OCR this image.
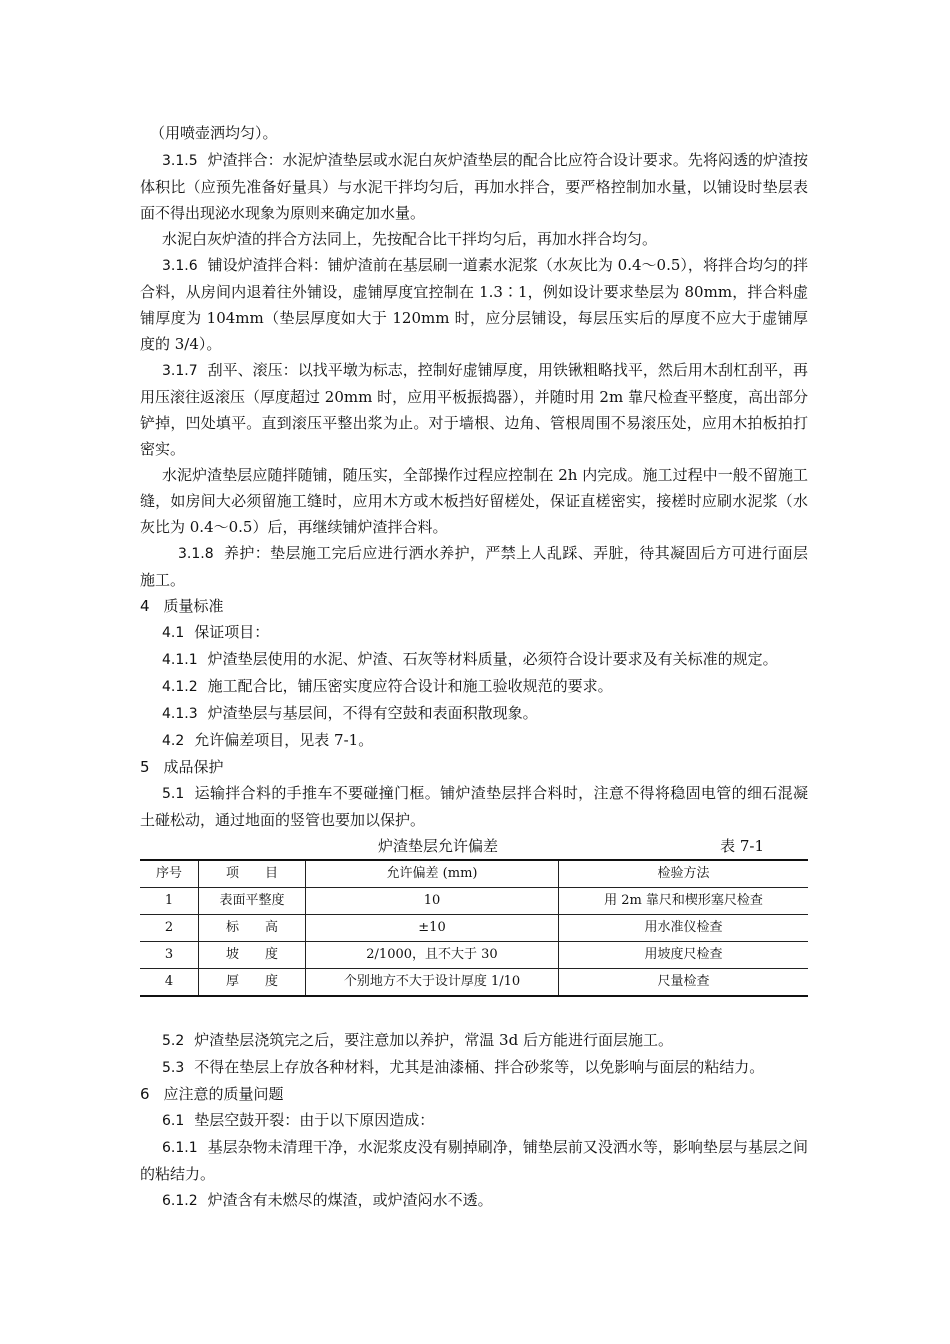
（用喷壶洒均匀）。

3.1.5 炉渣拌合：水泥炉渣垫层或水泥白灰炉渣垫层的配合比应符合设计要求。先将闷透的炉渣按体积比（应预先准备好量具）与水泥干拌均匀后，再加水拌合，要严格控制加水量，以铺设时垫层表面不得出现泌水现象为原则来确定加水量。

水泥白灰炉渣的拌合方法同上，先按配合比干拌均匀后，再加水拌合均匀。

3.1.6 铺设炉渣拌合料：铺炉渣前在基层刷一道素水泥浆（水灰比为 0.4～0.5），将拌合均匀的拌合料，从房间内退着往外铺设，虚铺厚度宜控制在 1.3∶1，例如设计要求垫层为 80mm，拌合料虚铺厚度为 104mm（垫层厚度如大于 120mm 时，应分层铺设，每层压实后的厚度不应大于虚铺厚度的 3/4）。

3.1.7 刮平、滚压：以找平墩为标志，控制好虚铺厚度，用铁锹粗略找平，然后用木刮杠刮平，再用压滚往返滚压（厚度超过 20mm 时，应用平板振捣器），并随时用 2m 靠尺检查平整度，高出部分铲掉，凹处填平。直到滚压平整出浆为止。对于墙根、边角、管根周围不易滚压处，应用木拍板拍打密实。

水泥炉渣垫层应随拌随铺，随压实，全部操作过程应控制在 2h 内完成。施工过程中一般不留施工缝，如房间大必须留施工缝时，应用木方或木板挡好留槎处，保证直槎密实，接槎时应刷水泥浆（水灰比为 0.4～0.5）后，再继续铺炉渣拌合料。

3.1.8 养护：垫层施工完后应进行洒水养护，严禁上人乱踩、弄脏，待其凝固后方可进行面层施工。

4 质量标准

4.1 保证项目：

4.1.1 炉渣垫层使用的水泥、炉渣、石灰等材料质量，必须符合设计要求及有关标准的规定。

4.1.2 施工配合比，铺压密实度应符合设计和施工验收规范的要求。

4.1.3 炉渣垫层与基层间，不得有空鼓和表面积散现象。

4.2 允许偏差项目，见表 7-1。

5 成品保护

5.1 运输拌合料的手推车不要碰撞门框。铺炉渣垫层拌合料时，注意不得将稳固电管的细石混凝土碰松动，通过地面的竖管也要加以保护。

炉渣垫层允许偏差	表 7-1
序号	项　　目	允许偏差 (mm)	检验方法
1	表面平整度	10	用 2m 靠尺和楔形塞尺检查
2	标　　高	±10	用水准仪检查
3	坡　　度	2/1000，且不大于 30	用坡度尺检查
4	厚　　度	个别地方不大于设计厚度 1/10	尺量检查

5.2 炉渣垫层浇筑完之后，要注意加以养护，常温 3d 后方能进行面层施工。

5.3 不得在垫层上存放各种材料，尤其是油漆桶、拌合砂浆等，以免影响与面层的粘结力。

6 应注意的质量问题

6.1 垫层空鼓开裂：由于以下原因造成：

6.1.1 基层杂物未清理干净，水泥浆皮没有剔掉刷净，铺垫层前又没洒水等，影响垫层与基层之间的粘结力。

6.1.2 炉渣含有未燃尽的煤渣，或炉渣闷水不透。
